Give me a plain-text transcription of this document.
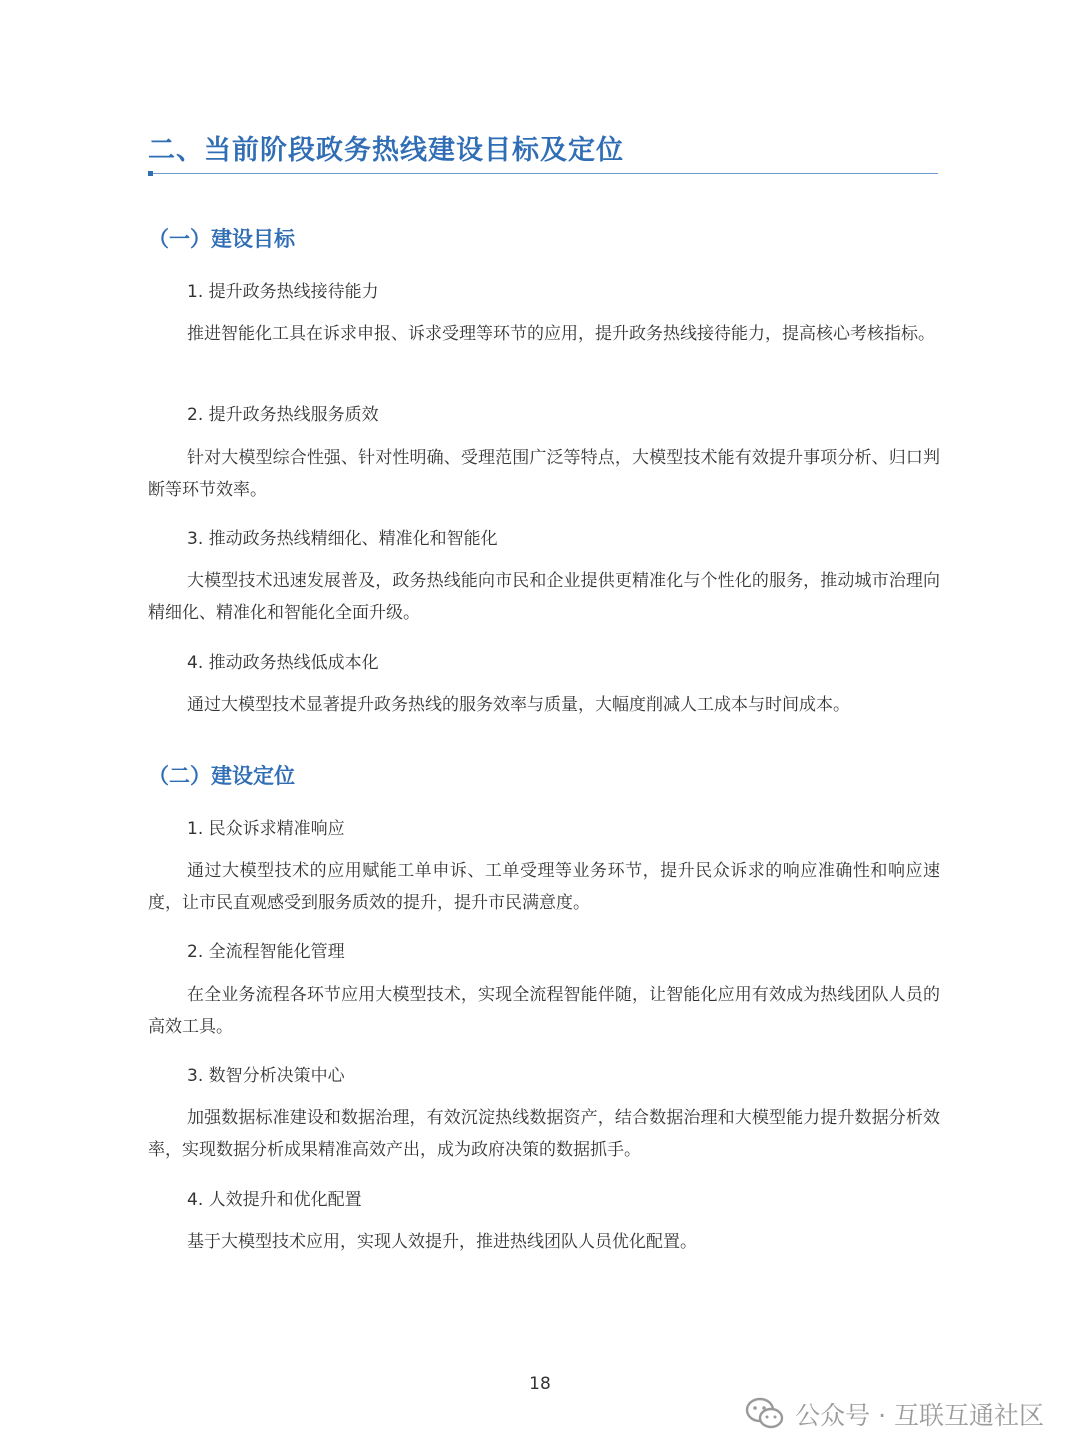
二、当前阶段政务热线建设目标及定位
（一）建设目标
1. 提升政务热线接待能力
推进智能化工具在诉求申报、诉求受理等环节的应用，提升政务热线接待能力，提高核心考核指标。
2. 提升政务热线服务质效
针对大模型综合性强、针对性明确、受理范围广泛等特点，大模型技术能有效提升事项分析、归口判断等环节效率。
3. 推动政务热线精细化、精准化和智能化
大模型技术迅速发展普及，政务热线能向市民和企业提供更精准化与个性化的服务，推动城市治理向精细化、精准化和智能化全面升级。
4. 推动政务热线低成本化
通过大模型技术显著提升政务热线的服务效率与质量，大幅度削减人工成本与时间成本。
（二）建设定位
1. 民众诉求精准响应
通过大模型技术的应用赋能工单申诉、工单受理等业务环节，提升民众诉求的响应准确性和响应速度，让市民直观感受到服务质效的提升，提升市民满意度。
2. 全流程智能化管理
在全业务流程各环节应用大模型技术，实现全流程智能伴随，让智能化应用有效成为热线团队人员的高效工具。
3. 数智分析决策中心
加强数据标准建设和数据治理，有效沉淀热线数据资产，结合数据治理和大模型能力提升数据分析效率，实现数据分析成果精准高效产出，成为政府决策的数据抓手。
4. 人效提升和优化配置
基于大模型技术应用，实现人效提升，推进热线团队人员优化配置。
18
公众号 · 互联互通社区
